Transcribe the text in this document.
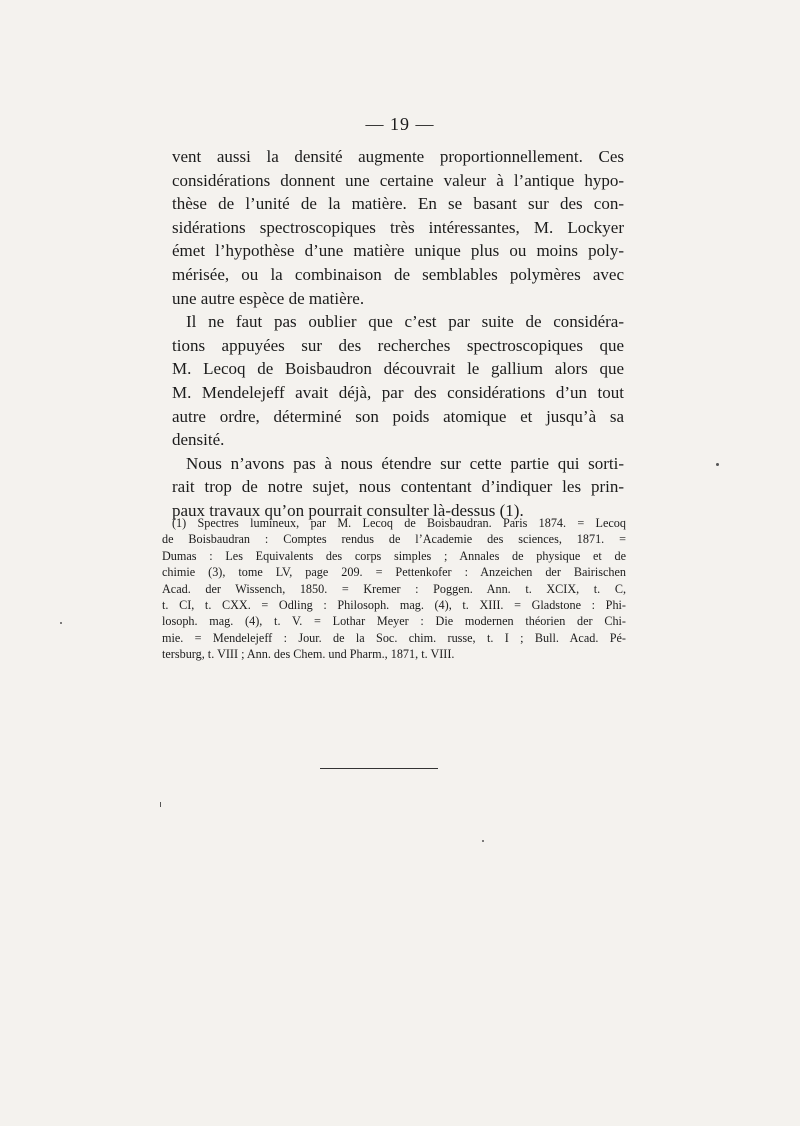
— 19 —
vent aussi la densité augmente proportionnellement. Ces
considérations donnent une certaine valeur à l’antique hypo-
thèse de l’unité de la matière. En se basant sur des con-
sidérations spectroscopiques très intéressantes, M. Lockyer
émet l’hypothèse d’une matière unique plus ou moins poly-
mérisée, ou la combinaison de semblables polymères avec
une autre espèce de matière.
Il ne faut pas oublier que c’est par suite de considéra-
tions appuyées sur des recherches spectroscopiques que
M. Lecoq de Boisbaudron découvrait le gallium alors que
M. Mendelejeff avait déjà, par des considérations d’un tout
autre ordre, déterminé son poids atomique et jusqu’à sa
densité.
Nous n’avons pas à nous étendre sur cette partie qui sorti-
rait trop de notre sujet, nous contentant d’indiquer les prin-
paux travaux qu’on pourrait consulter là-dessus (1).
(1) Spectres lumineux, par M. Lecoq de Boisbaudran. Paris 1874. = Lecoq
de Boisbaudran : Comptes rendus de l’Academie des sciences, 1871. =
Dumas : Les Equivalents des corps simples ; Annales de physique et de
chimie (3), tome LV, page 209. = Pettenkofer : Anzeichen der Bairischen
Acad. der Wissench, 1850. = Kremer : Poggen. Ann. t. XCIX, t. C,
t. CI, t. CXX. = Odling : Philosoph. mag. (4), t. XIII. = Gladstone : Phi-
losoph. mag. (4), t. V. = Lothar Meyer : Die modernen théorien der Chi-
mie. = Mendelejeff : Jour. de la Soc. chim. russe, t. I ; Bull. Acad. Pé-
tersburg, t. VIII ; Ann. des Chem. und Pharm., 1871, t. VIII.
